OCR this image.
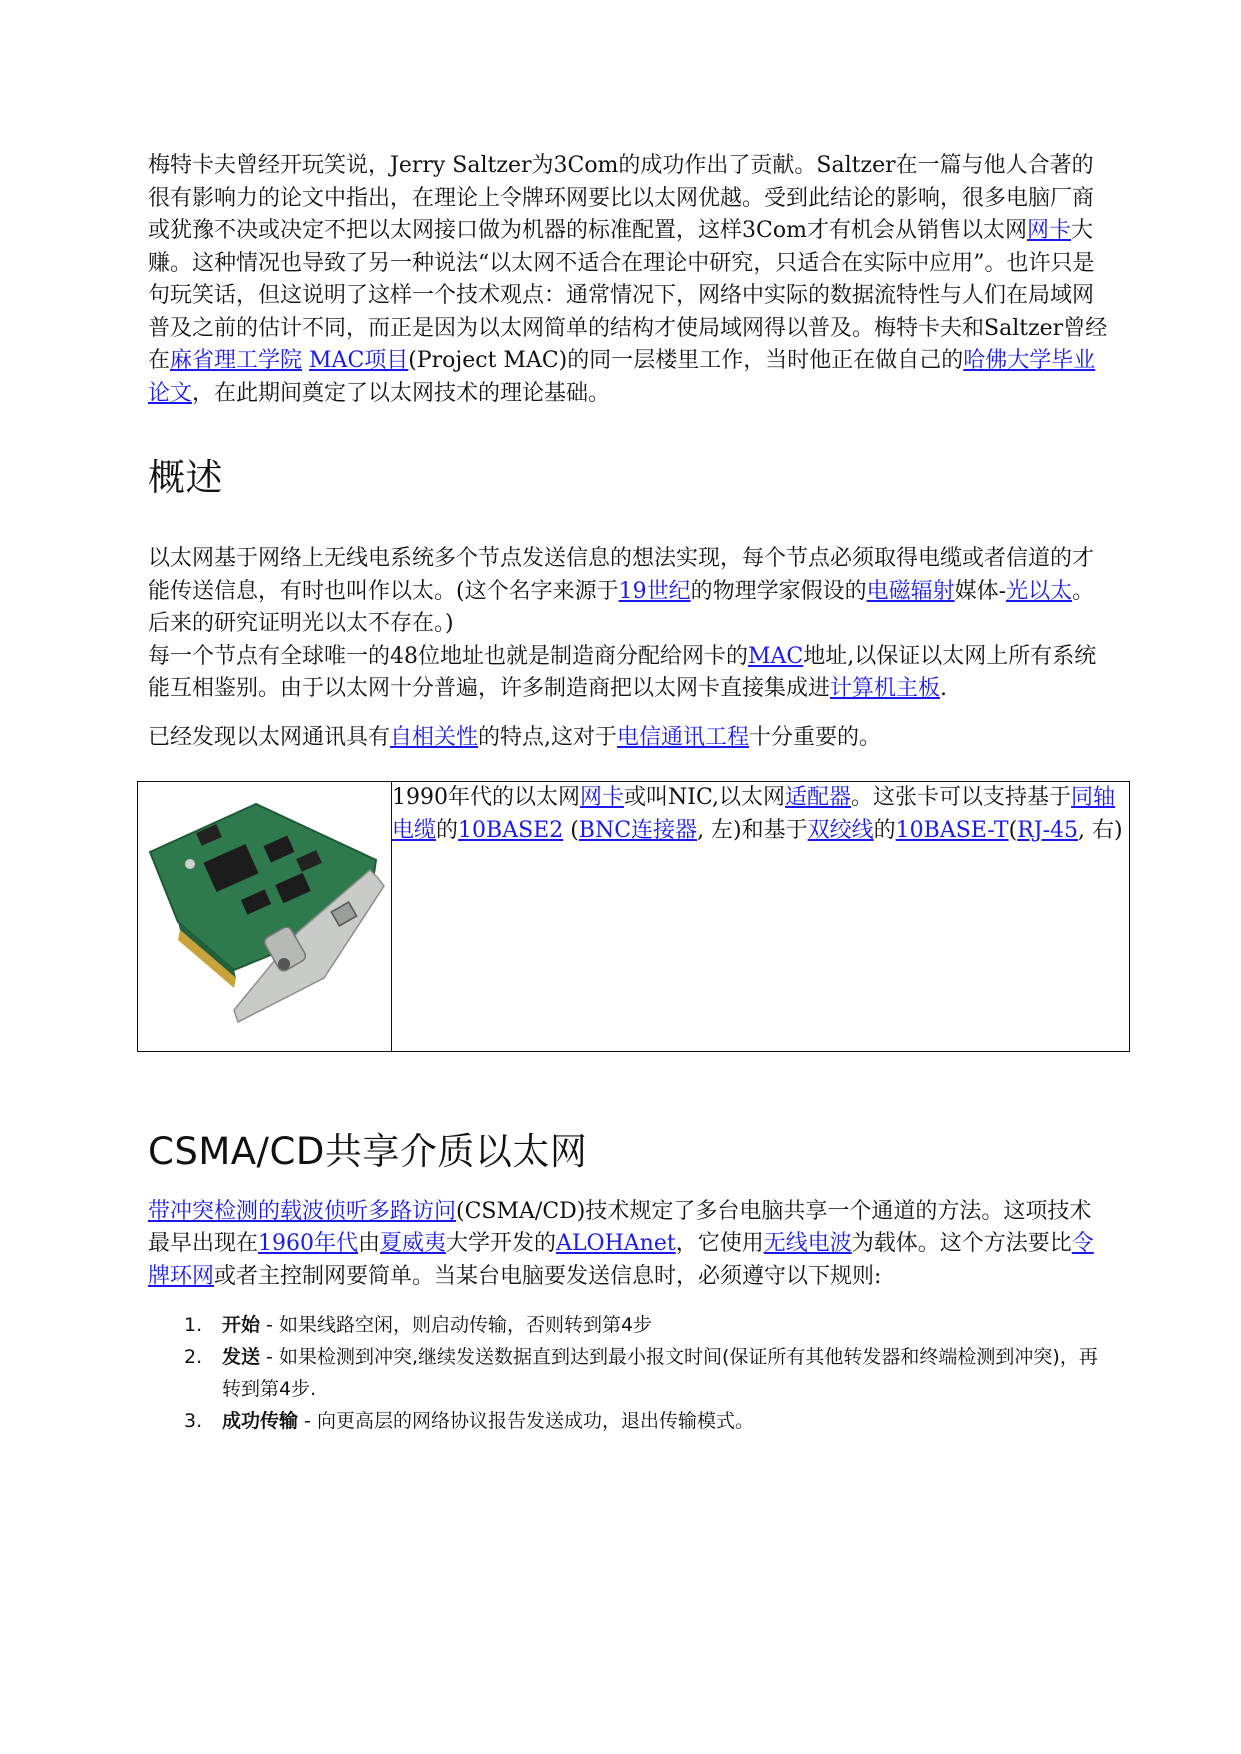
梅特卡夫曾经开玩笑说，Jerry Saltzer为3Com的成功作出了贡献。Saltzer在一篇与他人合著的很有影响力的论文中指出，在理论上令牌环网要比以太网优越。受到此结论的影响，很多电脑厂商或犹豫不决或决定不把以太网接口做为机器的标准配置，这样3Com才有机会从销售以太网网卡大赚。这种情况也导致了另一种说法“以太网不适合在理论中研究，只适合在实际中应用”。也许只是句玩笑话，但这说明了这样一个技术观点：通常情况下，网络中实际的数据流特性与人们在局域网普及之前的估计不同，而正是因为以太网简单的结构才使局域网得以普及。梅特卡夫和Saltzer曾经在麻省理工学院 MAC项目(Project MAC)的同一层楼里工作，当时他正在做自己的哈佛大学毕业论文，在此期间奠定了以太网技术的理论基础。

概述

以太网基于网络上无线电系统多个节点发送信息的想法实现，每个节点必须取得电缆或者信道的才能传送信息，有时也叫作以太。(这个名字来源于19世纪的物理学家假设的电磁辐射媒体-光以太。后来的研究证明光以太不存在。)

每一个节点有全球唯一的48位地址也就是制造商分配给网卡的MAC地址,以保证以太网上所有系统能互相鉴别。由于以太网十分普遍，许多制造商把以太网卡直接集成进计算机主板.

已经发现以太网通讯具有自相关性的特点,这对于电信通讯工程十分重要的。

1990年代的以太网网卡或叫NIC,以太网适配器。这张卡可以支持基于同轴电缆的10BASE2 (BNC连接器, 左)和基于双绞线的10BASE-T(RJ-45, 右)

CSMA/CD共享介质以太网

带冲突检测的载波侦听多路访问(CSMA/CD)技术规定了多台电脑共享一个通道的方法。这项技术最早出现在1960年代由夏威夷大学开发的ALOHAnet，它使用无线电波为载体。这个方法要比令牌环网或者主控制网要简单。当某台电脑要发送信息时，必须遵守以下规则:

1. 开始 - 如果线路空闲，则启动传输，否则转到第4步
2. 发送 - 如果检测到冲突,继续发送数据直到达到最小报文时间(保证所有其他转发器和终端检测到冲突)，再转到第4步.
3. 成功传输 - 向更高层的网络协议报告发送成功，退出传输模式。
